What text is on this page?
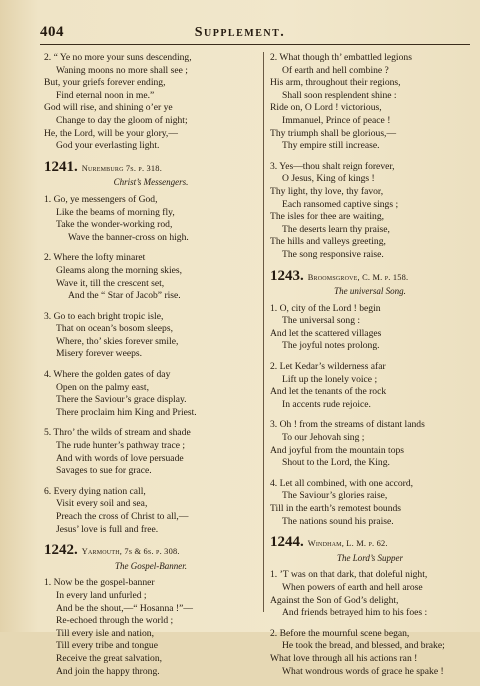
404	Supplement.
2. “ Ye no more your suns descending,
Waning moons no more shall see ;
But, your griefs forever ending,
Find eternal noon in me.”
God will rise, and shining o’er ye
Change to day the gloom of night;
He, the Lord, will be your glory,—
God your everlasting light.
1241. Nuremburg 7s. p. 318.
Christ’s Messengers.
1. Go, ye messengers of God,
Like the beams of morning fly,
Take the wonder-working rod,
Wave the banner-cross on high.
2. Where the lofty minaret
Gleams along the morning skies,
Wave it, till the crescent set,
And the “ Star of Jacob” rise.
3. Go to each bright tropic isle,
That on ocean’s bosom sleeps,
Where, tho’ skies forever smile,
Misery forever weeps.
4. Where the golden gates of day
Open on the palmy east,
There the Saviour’s grace display.
There proclaim him King and Priest.
5. Thro’ the wilds of stream and shade
The rude hunter’s pathway trace ;
And with words of love persuade
Savages to sue for grace.
6. Every dying nation call,
Visit every soil and sea,
Preach the cross of Christ to all,—
Jesus’ love is full and free.
1242. Yarmouth, 7s & 6s. p. 308.
The Gospel-Banner.
1. Now be the gospel-banner
In every land unfurled ;
And be the shout,—“ Hosanna !”—
Re-echoed through the world ;
Till every isle and nation,
Till every tribe and tongue
Receive the great salvation,
And join the happy throng.
2. What though th’ embattled legions
Of earth and hell combine ?
His arm, throughout their regions,
Shall soon resplendent shine :
Ride on, O Lord ! victorious,
Immanuel, Prince of peace !
Thy triumph shall be glorious,—
Thy empire still increase.
3. Yes—thou shalt reign forever,
O Jesus, King of kings !
Thy light, thy love, thy favor,
Each ransomed captive sings ;
The isles for thee are waiting,
The deserts learn thy praise,
The hills and valleys greeting,
The song responsive raise.
1243. Broomsgrove, C. M. p. 158.
The universal Song.
1. O, city of the Lord ! begin
The universal song :
And let the scattered villages
The joyful notes prolong.
2. Let Kedar’s wilderness afar
Lift up the lonely voice ;
And let the tenants of the rock
In accents rude rejoice.
3. Oh ! from the streams of distant lands
To our Jehovah sing ;
And joyful from the mountain tops
Shout to the Lord, the King.
4. Let all combined, with one accord,
The Saviour’s glories raise,
Till in the earth’s remotest bounds
The nations sound his praise.
1244. Windham, L. M. p. 62.
The Lord’s Supper
1. ’T was on that dark, that doleful night,
When powers of earth and hell arose
Against the Son of God’s delight,
And friends betrayed him to his foes :
2. Before the mournful scene began,
He took the bread, and blessed, and brake;
What love through all his actions ran !
What wondrous words of grace he spake !
